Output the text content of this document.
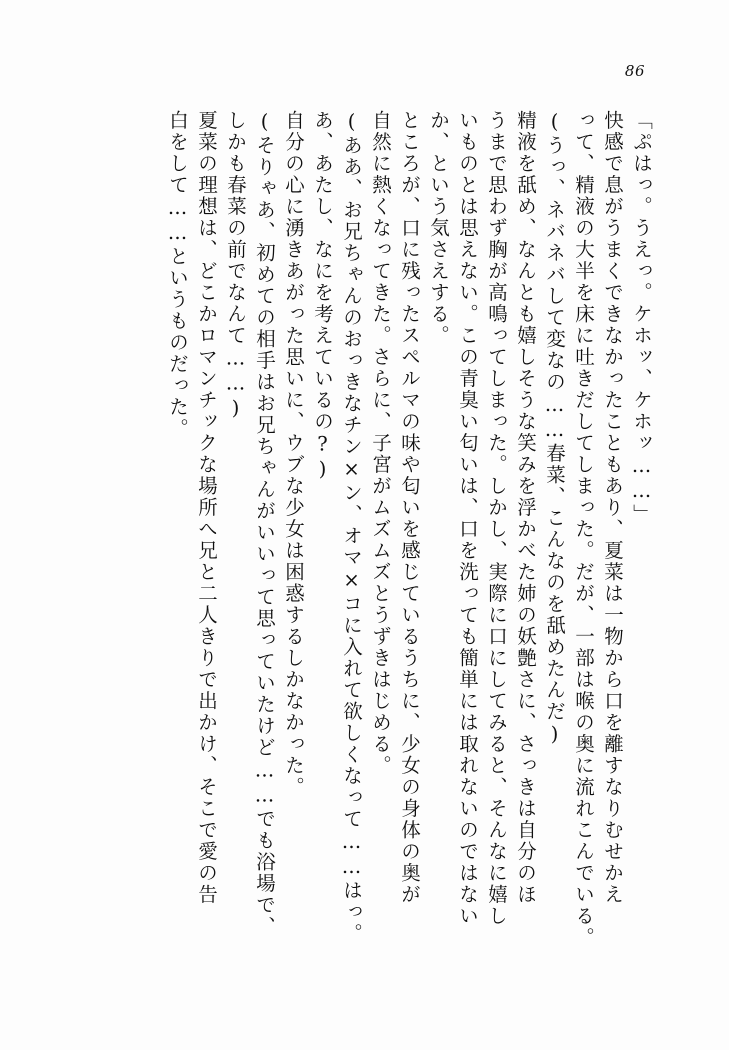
86
「ぷはっ。うえっ。ケホッ、ケホッ……」
快感で息がうまくできなかったこともあり、夏菜は一物から口を離すなりむせかえ
って、精液の大半を床に吐きだしてしまった。だが、一部は喉の奥に流れこんでいる。
(うっ、ネバネバして変なの……春菜、こんなのを舐めたんだ)
精液を舐め、なんとも嬉しそうな笑みを浮かべた姉の妖艶さに、さっきは自分のほ
うまで思わず胸が高鳴ってしまった。しかし、実際に口にしてみると、そんなに嬉し
いものとは思えない。この青臭い匂いは、口を洗っても簡単には取れないのではない
か、という気さえする。
ところが、口に残ったスペルマの味や匂いを感じているうちに、少女の身体の奥が
自然に熱くなってきた。さらに、子宮がムズムズとうずきはじめる。
(ああ、お兄ちゃんのおっきなチン×ン、オマ×コに入れて欲しくなって……はっ。
あ、あたし、なにを考えているの?)
自分の心に湧きあがった思いに、ウブな少女は困惑するしかなかった。
(そりゃあ、初めての相手はお兄ちゃんがいいって思っていたけど……でも浴場で、
しかも春菜の前でなんて……)
夏菜の理想は、どこかロマンチックな場所へ兄と二人きりで出かけ、そこで愛の告
白をして……というものだった。
